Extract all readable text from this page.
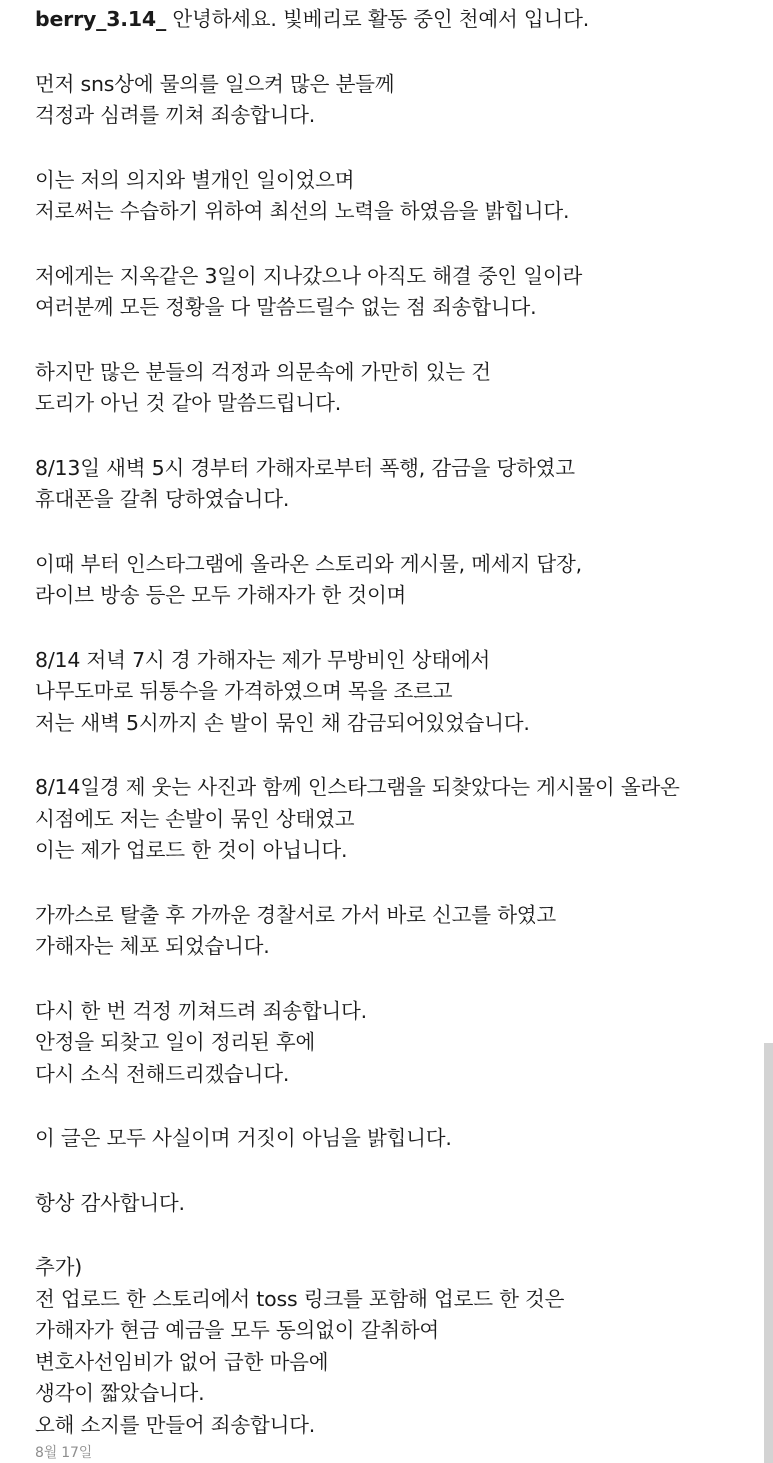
berry_3.14_ 안녕하세요. 빛베리로 활동 중인 천예서 입니다.
먼저 sns상에 물의를 일으켜 많은 분들께
걱정과 심려를 끼쳐 죄송합니다.
이는 저의 의지와 별개인 일이었으며
저로써는 수습하기 위하여 최선의 노력을 하였음을 밝힙니다.
저에게는 지옥같은 3일이 지나갔으나 아직도 해결 중인 일이라
여러분께 모든 정황을 다 말씀드릴수 없는 점 죄송합니다.
하지만 많은 분들의 걱정과 의문속에 가만히 있는 건
도리가 아닌 것 같아 말씀드립니다.
8/13일 새벽 5시 경부터 가해자로부터 폭행, 감금을 당하였고
휴대폰을 갈취 당하였습니다.
이때 부터 인스타그램에 올라온 스토리와 게시물, 메세지 답장,
라이브 방송 등은 모두 가해자가 한 것이며
8/14 저녁 7시 경 가해자는 제가 무방비인 상태에서
나무도마로 뒤통수을 가격하였으며 목을 조르고
저는 새벽 5시까지 손 발이 묶인 채 감금되어있었습니다.
8/14일경 제 웃는 사진과 함께 인스타그램을 되찾았다는 게시물이 올라온
시점에도 저는 손발이 묶인 상태였고
이는 제가 업로드 한 것이 아닙니다.
가까스로 탈출 후 가까운 경찰서로 가서 바로 신고를 하였고
가해자는 체포 되었습니다.
다시 한 번 걱정 끼쳐드려 죄송합니다.
안정을 되찾고 일이 정리된 후에
다시 소식 전해드리겠습니다.
이 글은 모두 사실이며 거짓이 아님을 밝힙니다.
항상 감사합니다.
추가)
전 업로드 한 스토리에서 toss 링크를 포함해 업로드 한 것은
가해자가 현금 예금을 모두 동의없이 갈취하여
변호사선임비가 없어 급한 마음에
생각이 짧았습니다.
오해 소지를 만들어 죄송합니다.
8월 17일
